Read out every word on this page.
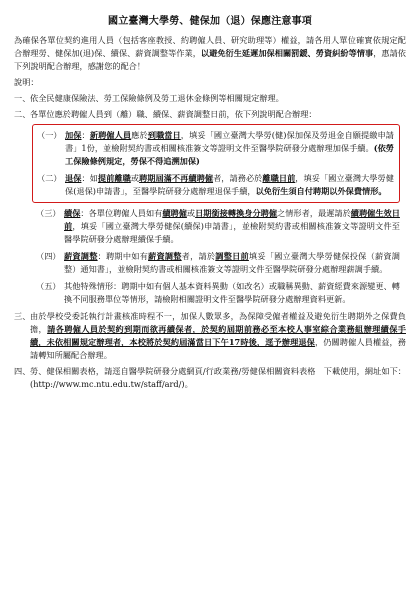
國立臺灣大學勞、健保加（退）保應注意事項

為確保各單位契約進用人員（包括客座教授、約聘僱人員、研究助理等）權益，請各用人單位確實依規定配合辦理勞、健保加(退)保、續保、薪資調整等作業，以避免衍生延遲加保相關罰鍰、勞資糾紛等情事，惠請依下列說明配合辦理，感謝您的配合！

說明：
一、 依全民健康保險法、勞工保險條例及勞工退休金條例等相關規定辦理。
二、 各單位應於聘僱人員到（離）職、續保、薪資調整日前，依下列說明配合辦理：
（一） 加保：新聘僱人員應於到職當日，填妥「國立臺灣大學勞(健)保加保及勞退金自願提繳申請書」1份，並檢附契約書或相關核准簽文等證明文件至醫學院研發分處辦理加保手續。(依勞工保險條例規定，勞保不得追溯加保)
（二） 退保：如提前離職或聘期屆滿不再續聘僱者，請務必於離職日前，填妥「國立臺灣大學勞健保(退保)申請書」，至醫學院研發分處辦理退保手續，以免衍生須自付聘期以外保費情形。
（三） 續保：各單位聘僱人員如有續聘僱或日期銜接轉換身分聘僱之情形者，最遲請於續聘僱生效日前，填妥「國立臺灣大學勞健保(續保)申請書」，並檢附契約書或相關核准簽文等證明文件至醫學院研發分處辦理續保手續。
（四） 薪資調整：聘期中如有薪資調整者，請於調整日前填妥「國立臺灣大學勞健保投保（薪資調整）通知書」，並檢附契約書或相關核准簽文等證明文件至醫學院研發分處辦理薪調手續。
（五） 其他特殊情形：聘期中如有個人基本資料異動（如改名）或職稱異動、薪資經費來源變更、轉換不同服務單位等情形，請檢附相關證明文件至醫學院研發分處辦理資料更新。
三、 由於學校受委託執行計畫核准時程不一，加保人數眾多，為保障受僱者權益及避免衍生聘期外之保費負擔，請各聘僱人員於契約到期而欲再續保者，於契約屆期前務必至本校人事室綜合業務組辦理續保手續，未依相關規定辦理者，本校將於契約屆滿當日下午17時後，逕予辦理退保，仍關聘僱人員權益，務請轉知所屬配合辦理。
四、 勞、健保相關表格，請逕自醫學院研發分處網頁/行政業務/勞健保相關資料表格　下載使用，網址如下：(http://www.mc.ntu.edu.tw/staff/ard/)。
